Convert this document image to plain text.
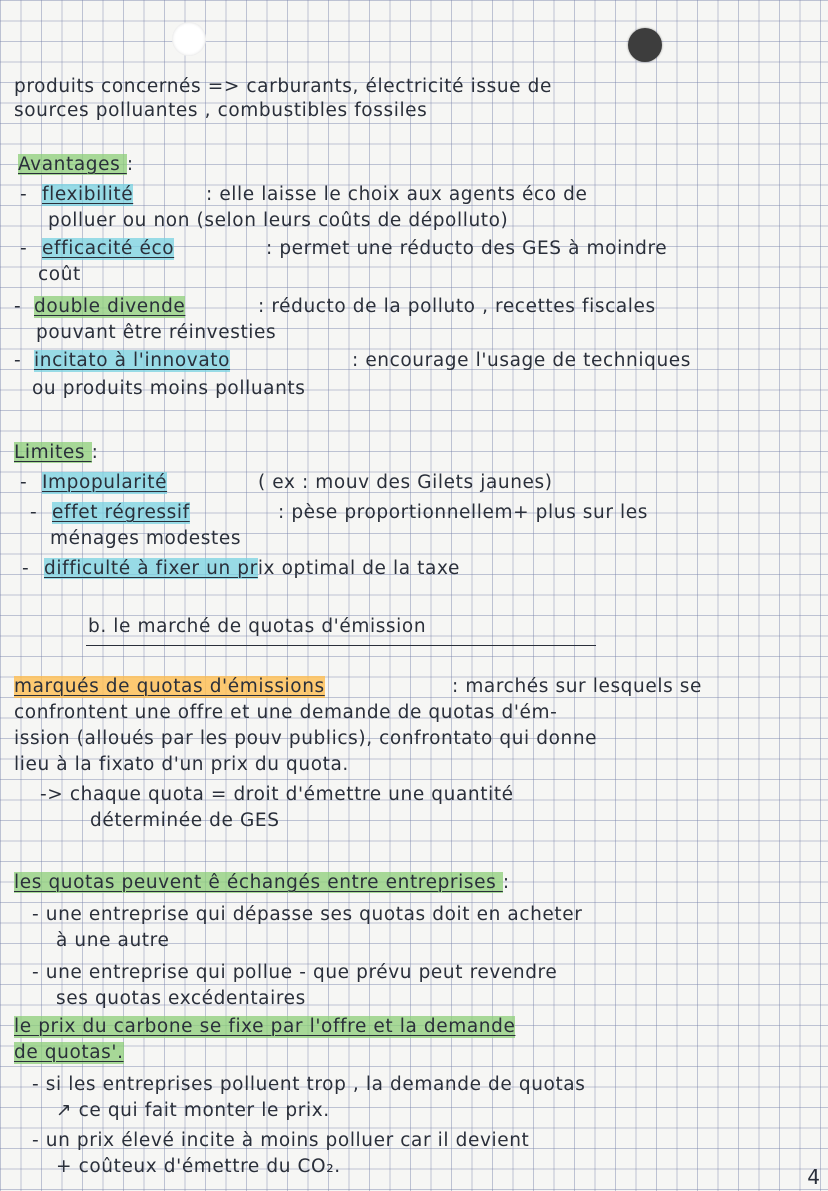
produits concernés => carburants, électricité issue de
sources polluantes , combustibles fossiles
Avantages :
- flexibilité	: elle laisse le choix aux agents éco de
polluer ou non (selon leurs coûts de dépolluto)
- efficacité éco	: permet une réducto des GES à moindre
coût
- double divende	: réducto de la polluto , recettes fiscales
pouvant être réinvesties
- incitato à l'innovato	: encourage l'usage de techniques
ou produits moins polluants
Limites :
- Impopularité	( ex : mouv des Gilets jaunes)
- effet régressif	: pèse proportionnellem+ plus sur les
ménages modestes
- difficulté à fixer un prix optimal de la taxe
b. le marché de quotas d'émission
marqués de quotas d'émissions	: marchés sur lesquels se
confrontent une offre et une demande de quotas d'ém-
ission (alloués par les pouv publics), confrontato qui donne
lieu à la fixato d'un prix du quota.
-> chaque quota = droit d'émettre une quantité
déterminée de GES
les quotas peuvent ê échangés entre entreprises :
- une entreprise qui dépasse ses quotas doit en acheter
à une autre
- une entreprise qui pollue - que prévu peut revendre
ses quotas excédentaires
le prix du carbone se fixe par l'offre et la demande
de quotas'.
- si les entreprises polluent trop , la demande de quotas
↗ ce qui fait monter le prix.
- un prix élevé incite à moins polluer car il devient
+ coûteux d'émettre du CO₂.	4
